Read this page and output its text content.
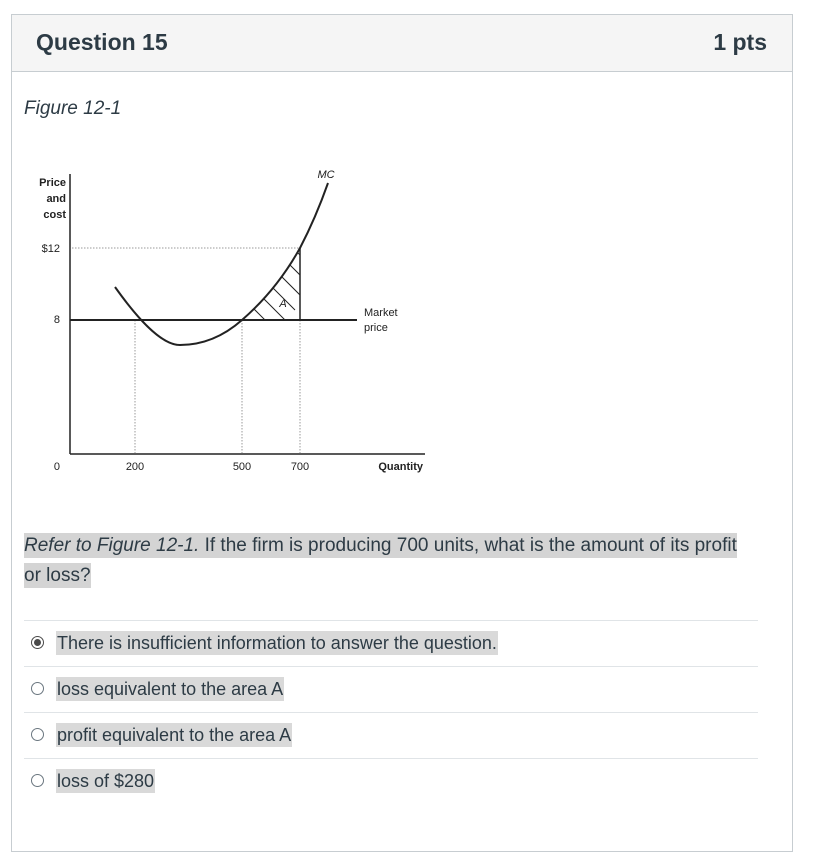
Question 15	1 pts
Figure 12-1
Price
and
cost
$12
8
0	200	500	700	Quantity
A
Market
price
MC
Refer to Figure 12-1. If the firm is producing 700 units, what is the amount of its profit or loss?
There is insufficient information to answer the question.
loss equivalent to the area A
profit equivalent to the area A
loss of $280
